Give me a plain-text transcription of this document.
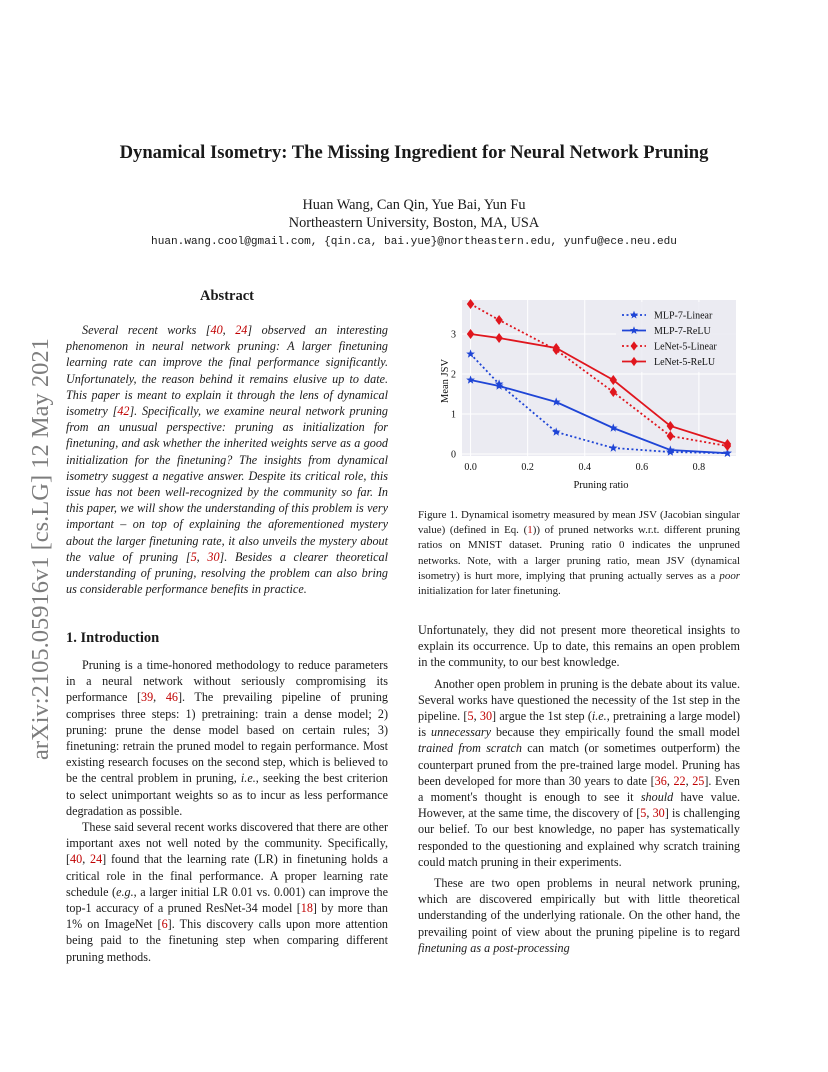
arXiv:2105.05916v1 [cs.LG] 12 May 2021
Dynamical Isometry: The Missing Ingredient for Neural Network Pruning
Huan Wang, Can Qin, Yue Bai, Yun Fu
Northeastern University, Boston, MA, USA
huan.wang.cool@gmail.com, {qin.ca, bai.yue}@northeastern.edu, yunfu@ece.neu.edu
Abstract

Several recent works [40, 24] observed an interesting phenomenon in neural network pruning: A larger finetuning learning rate can improve the final performance significantly. Unfortunately, the reason behind it remains elusive up to date. This paper is meant to explain it through the lens of dynamical isometry [42]. Specifically, we examine neural network pruning from an unusual perspective: pruning as initialization for finetuning, and ask whether the inherited weights serve as a good initialization for the finetuning? The insights from dynamical isometry suggest a negative answer. Despite its critical role, this issue has not been well-recognized by the community so far. In this paper, we will show the understanding of this problem is very important – on top of explaining the aforementioned mystery about the larger finetuning rate, it also unveils the mystery about the value of pruning [5, 30]. Besides a clearer theoretical understanding of pruning, resolving the problem can also bring us considerable performance benefits in practice.

1. Introduction

Pruning is a time-honored methodology to reduce parameters in a neural network without seriously compromising its performance [39, 46]. The prevailing pipeline of pruning comprises three steps: 1) pretraining: train a dense model; 2) pruning: prune the dense model based on certain rules; 3) finetuning: retrain the pruned model to regain performance. Most existing research focuses on the second step, which is believed to be the central problem in pruning, i.e., seeking the best criterion to select unimportant weights so as to incur as less performance degradation as possible.

These said several recent works discovered that there are other important axes not well noted by the community. Specifically, [40, 24] found that the learning rate (LR) in finetuning holds a critical role in the final performance. A proper learning rate schedule (e.g., a larger initial LR 0.01 vs. 0.001) can improve the top-1 accuracy of a pruned ResNet-34 model [18] by more than 1% on ImageNet [6]. This discovery calls upon more attention being paid to the finetuning step when comparing different pruning methods.

0.0	0.2	0.4	0.6	0.8
0
1
2
3
Pruning ratio
Mean JSV
MLP-7-Linear
MLP-7-ReLU
LeNet-5-Linear
LeNet-5-ReLU

Figure 1. Dynamical isometry measured by mean JSV (Jacobian singular value) (defined in Eq. (1)) of pruned networks w.r.t. different pruning ratios on MNIST dataset. Pruning ratio 0 indicates the unpruned networks. Note, with a larger pruning ratio, mean JSV (dynamical isometry) is hurt more, implying that pruning actually serves as a poor initialization for later finetuning.

Unfortunately, they did not present more theoretical insights to explain its occurrence. Up to date, this remains an open problem in the community, to our best knowledge.

Another open problem in pruning is the debate about its value. Several works have questioned the necessity of the 1st step in the pipeline. [5, 30] argue the 1st step (i.e., pretraining a large model) is unnecessary because they empirically found the small model trained from scratch can match (or sometimes outperform) the counterpart pruned from the pre-trained large model. Pruning has been developed for more than 30 years to date [36, 22, 25]. Even a moment's thought is enough to see it should have value. However, at the same time, the discovery of [5, 30] is challenging our belief. To our best knowledge, no paper has systematically responded to the questioning and explained why scratch training could match pruning in their experiments.

These are two open problems in neural network pruning, which are discovered empirically but with little theoretical understanding of the underlying rationale. On the other hand, the prevailing point of view about the pruning pipeline is to regard finetuning as a post-processing
